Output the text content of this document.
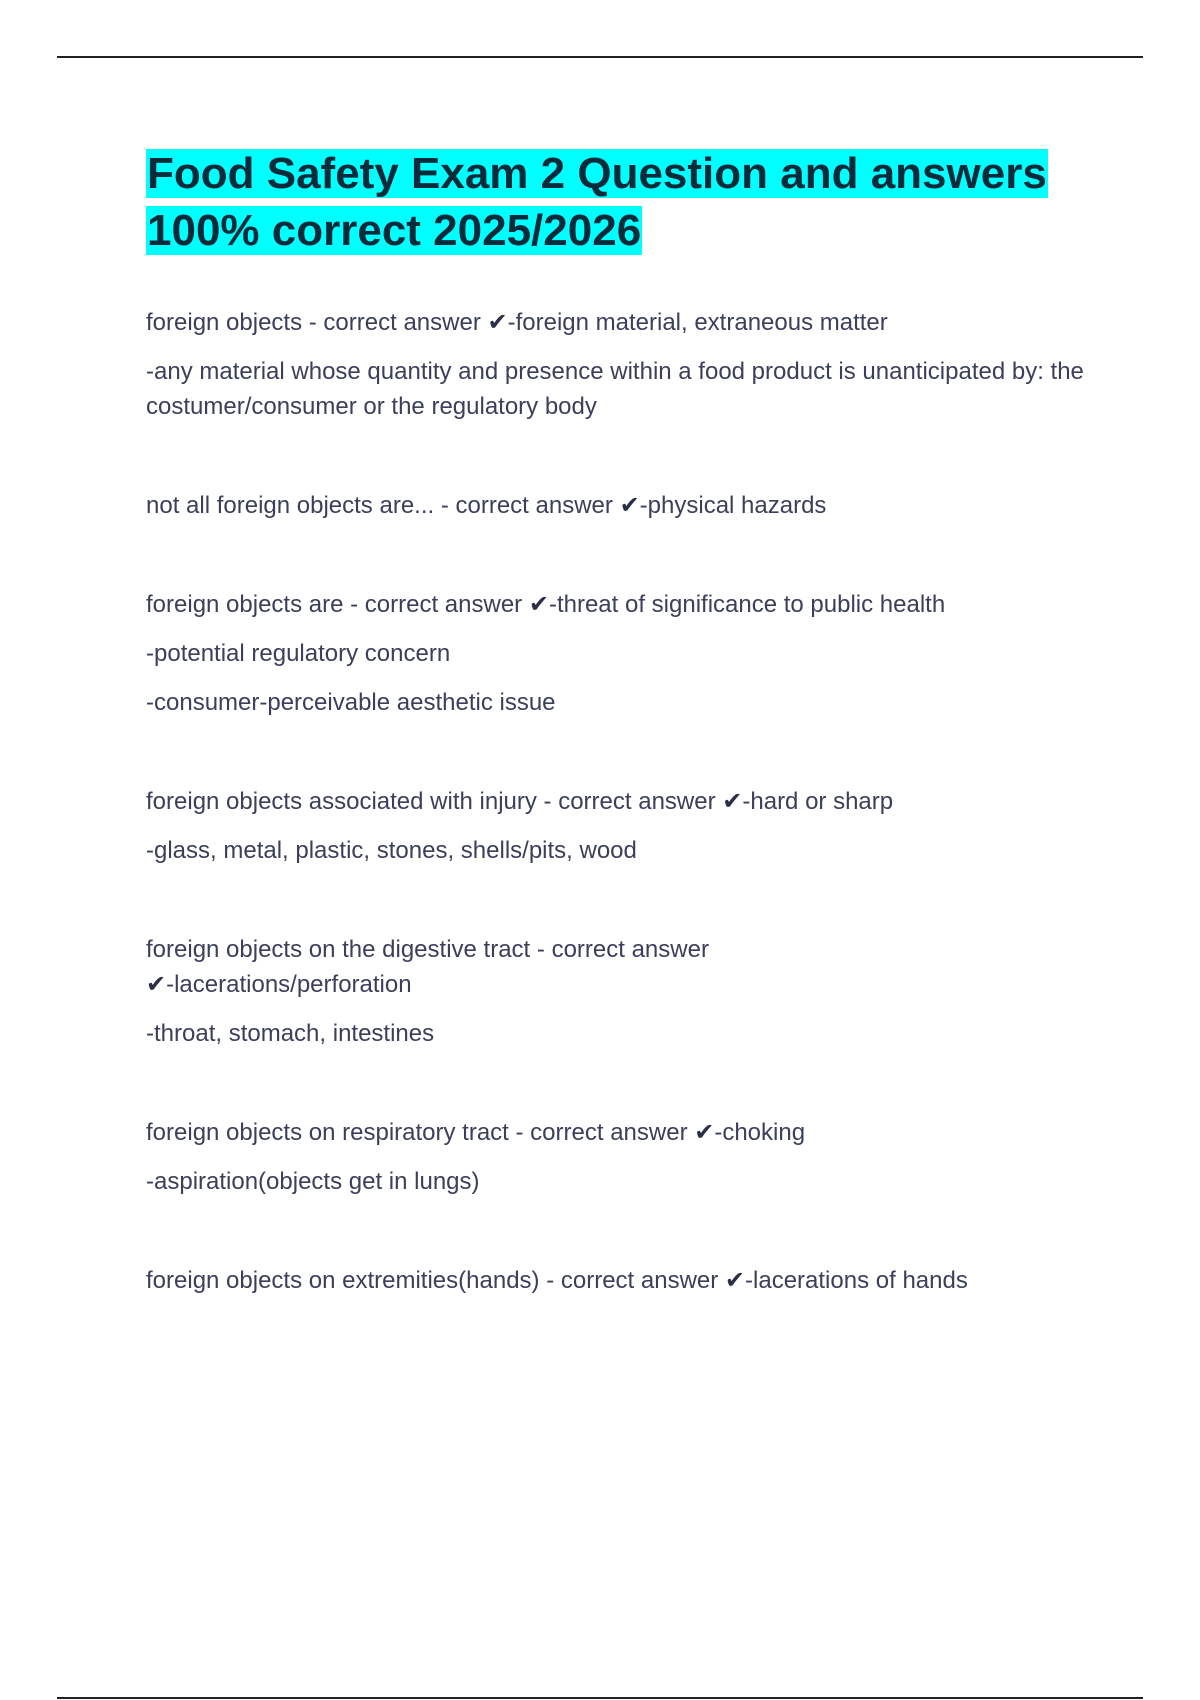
Food Safety Exam 2 Question and answers 100% correct 2025/2026

foreign objects - correct answer ✔-foreign material, extraneous matter

-any material whose quantity and presence within a food product is unanticipated by: the costumer/consumer or the regulatory body

not all foreign objects are... - correct answer ✔-physical hazards

foreign objects are - correct answer ✔-threat of significance to public health

-potential regulatory concern

-consumer-perceivable aesthetic issue

foreign objects associated with injury - correct answer ✔-hard or sharp

-glass, metal, plastic, stones, shells/pits, wood

foreign objects on the digestive tract - correct answer
✔-lacerations/perforation

-throat, stomach, intestines

foreign objects on respiratory tract - correct answer ✔-choking

-aspiration(objects get in lungs)

foreign objects on extremities(hands) - correct answer ✔-lacerations of hands
